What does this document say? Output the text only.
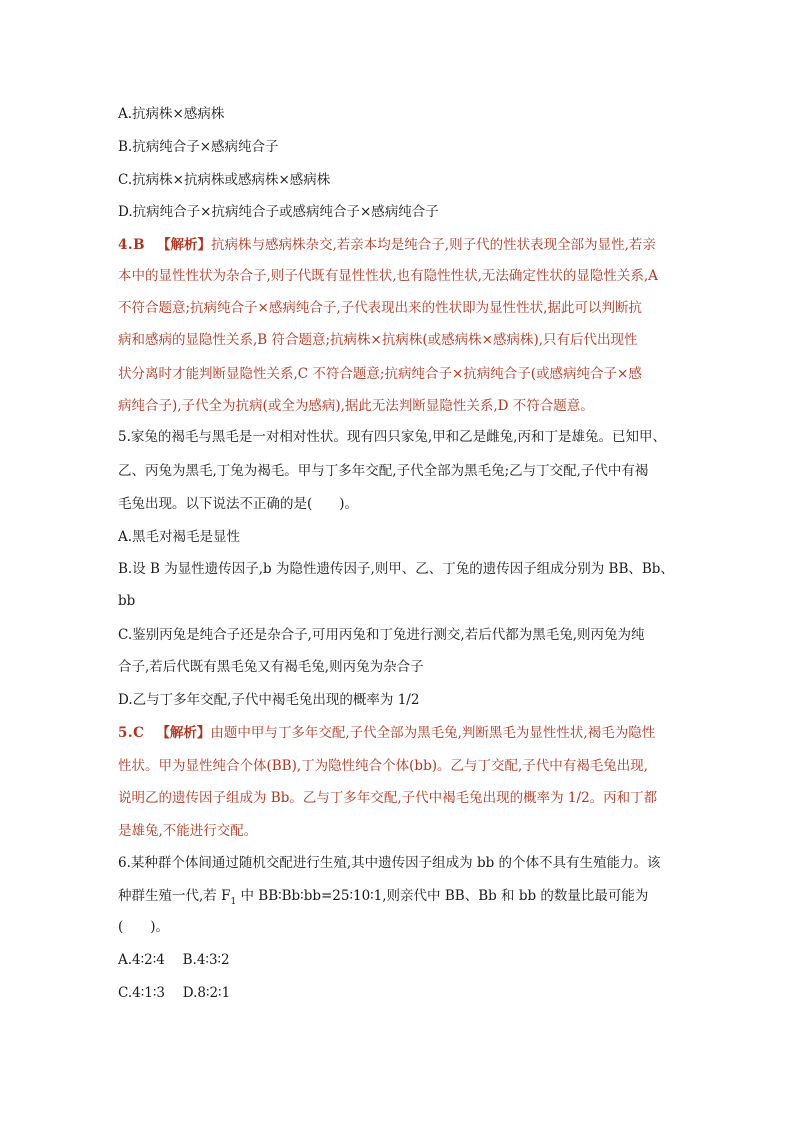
A.抗病株×感病株
B.抗病纯合子×感病纯合子
C.抗病株×抗病株或感病株×感病株
D.抗病纯合子×抗病纯合子或感病纯合子×感病纯合子
4.B 【解析】抗病株与感病株杂交,若亲本均是纯合子,则子代的性状表现全部为显性,若亲
本中的显性性状为杂合子,则子代既有显性性状,也有隐性性状,无法确定性状的显隐性关系,A
不符合题意;抗病纯合子×感病纯合子,子代表现出来的性状即为显性性状,据此可以判断抗
病和感病的显隐性关系,B 符合题意;抗病株×抗病株(或感病株×感病株),只有后代出现性
状分离时才能判断显隐性关系,C 不符合题意;抗病纯合子×抗病纯合子(或感病纯合子×感
病纯合子),子代全为抗病(或全为感病),据此无法判断显隐性关系,D 不符合题意。
5.家兔的褐毛与黑毛是一对相对性状。现有四只家兔,甲和乙是雌兔,丙和丁是雄兔。已知甲、
乙、丙兔为黑毛,丁兔为褐毛。甲与丁多年交配,子代全部为黑毛兔;乙与丁交配,子代中有褐
毛兔出现。以下说法不正确的是(　　)。
A.黑毛对褐毛是显性
B.设 B 为显性遗传因子,b 为隐性遗传因子,则甲、乙、丁兔的遗传因子组成分别为 BB、Bb、
bb
C.鉴别丙兔是纯合子还是杂合子,可用丙兔和丁兔进行测交,若后代都为黑毛兔,则丙兔为纯
合子,若后代既有黑毛兔又有褐毛兔,则丙兔为杂合子
D.乙与丁多年交配,子代中褐毛兔出现的概率为 1/2
5.C 【解析】由题中甲与丁多年交配,子代全部为黑毛兔,判断黑毛为显性性状,褐毛为隐性
性状。甲为显性纯合个体(BB),丁为隐性纯合个体(bb)。乙与丁交配,子代中有褐毛兔出现,
说明乙的遗传因子组成为 Bb。乙与丁多年交配,子代中褐毛兔出现的概率为 1/2。丙和丁都
是雄兔,不能进行交配。
6.某种群个体间通过随机交配进行生殖,其中遗传因子组成为 bb 的个体不具有生殖能力。该
种群生殖一代,若 $F_1$ 中 BB∶Bb∶bb=25∶10∶1,则亲代中 BB、Bb 和 bb 的数量比最可能为
(　　)。
A.4∶2∶4　 B.4∶3∶2
C.4∶1∶3　 D.8∶2∶1
